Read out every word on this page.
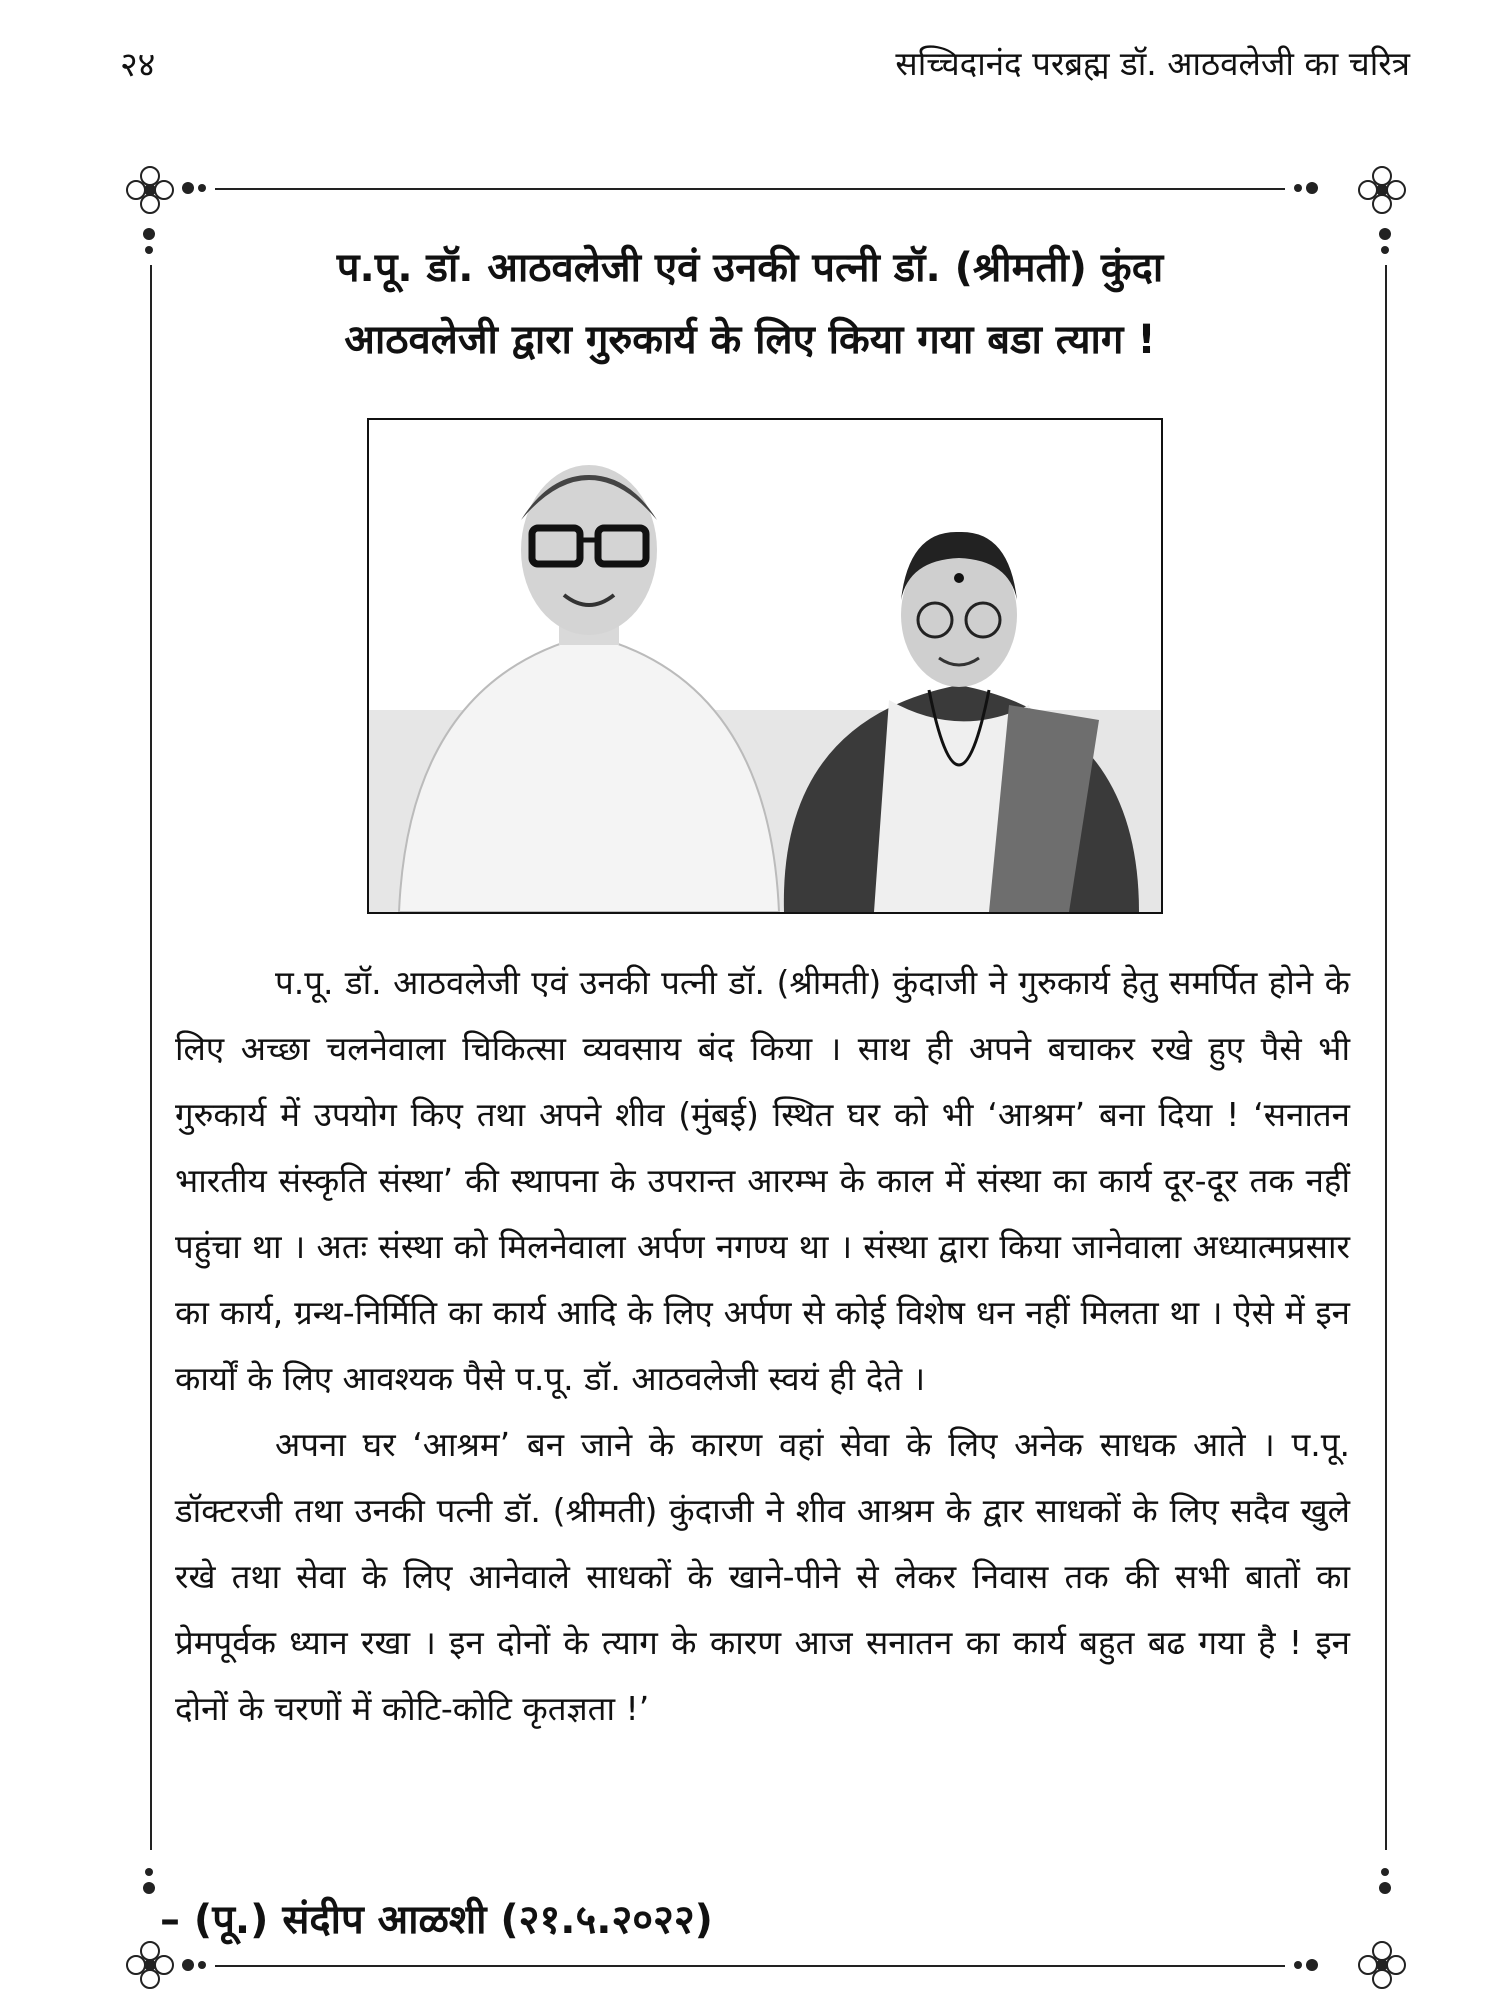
२४	सच्चिदानंद परब्रह्म डॉ. आठवलेजी का चरित्र
प.पू. डॉ. आठवलेजी एवं उनकी पत्नी डॉ. (श्रीमती) कुंदा
आठवलेजी द्वारा गुरुकार्य के लिए किया गया बडा त्याग !

प.पू. डॉ. आठवलेजी एवं उनकी पत्नी डॉ. (श्रीमती) कुंदाजी ने गुरुकार्य हेतु समर्पित होने के लिए अच्छा चलनेवाला चिकित्सा व्यवसाय बंद किया । साथ ही अपने बचाकर रखे हुए पैसे भी गुरुकार्य में उपयोग किए तथा अपने शीव (मुंबई) स्थित घर को भी ‘आश्रम’ बना दिया ! ‘सनातन भारतीय संस्कृति संस्था’ की स्थापना के उपरान्त आरम्भ के काल में संस्था का कार्य दूर-दूर तक नहीं पहुंचा था । अतः संस्था को मिलनेवाला अर्पण नगण्य था । संस्था द्वारा किया जानेवाला अध्यात्मप्रसार का कार्य, ग्रन्थ-निर्मिति का कार्य आदि के लिए अर्पण से कोई विशेष धन नहीं मिलता था । ऐसे में इन कार्यों के लिए आवश्यक पैसे प.पू. डॉ. आठवलेजी स्वयं ही देते ।

अपना घर ‘आश्रम’ बन जाने के कारण वहां सेवा के लिए अनेक साधक आते । प.पू. डॉक्टरजी तथा उनकी पत्नी डॉ. (श्रीमती) कुंदाजी ने शीव आश्रम के द्वार साधकों के लिए सदैव खुले रखे तथा सेवा के लिए आनेवाले साधकों के खाने-पीने से लेकर निवास तक की सभी बातों का प्रेमपूर्वक ध्यान रखा । इन दोनों के त्याग के कारण आज सनातन का कार्य बहुत बढ गया है ! इन दोनों के चरणों में कोटि-कोटि कृतज्ञता !’

– (पू.) संदीप आळशी (२१.५.२०२२)
